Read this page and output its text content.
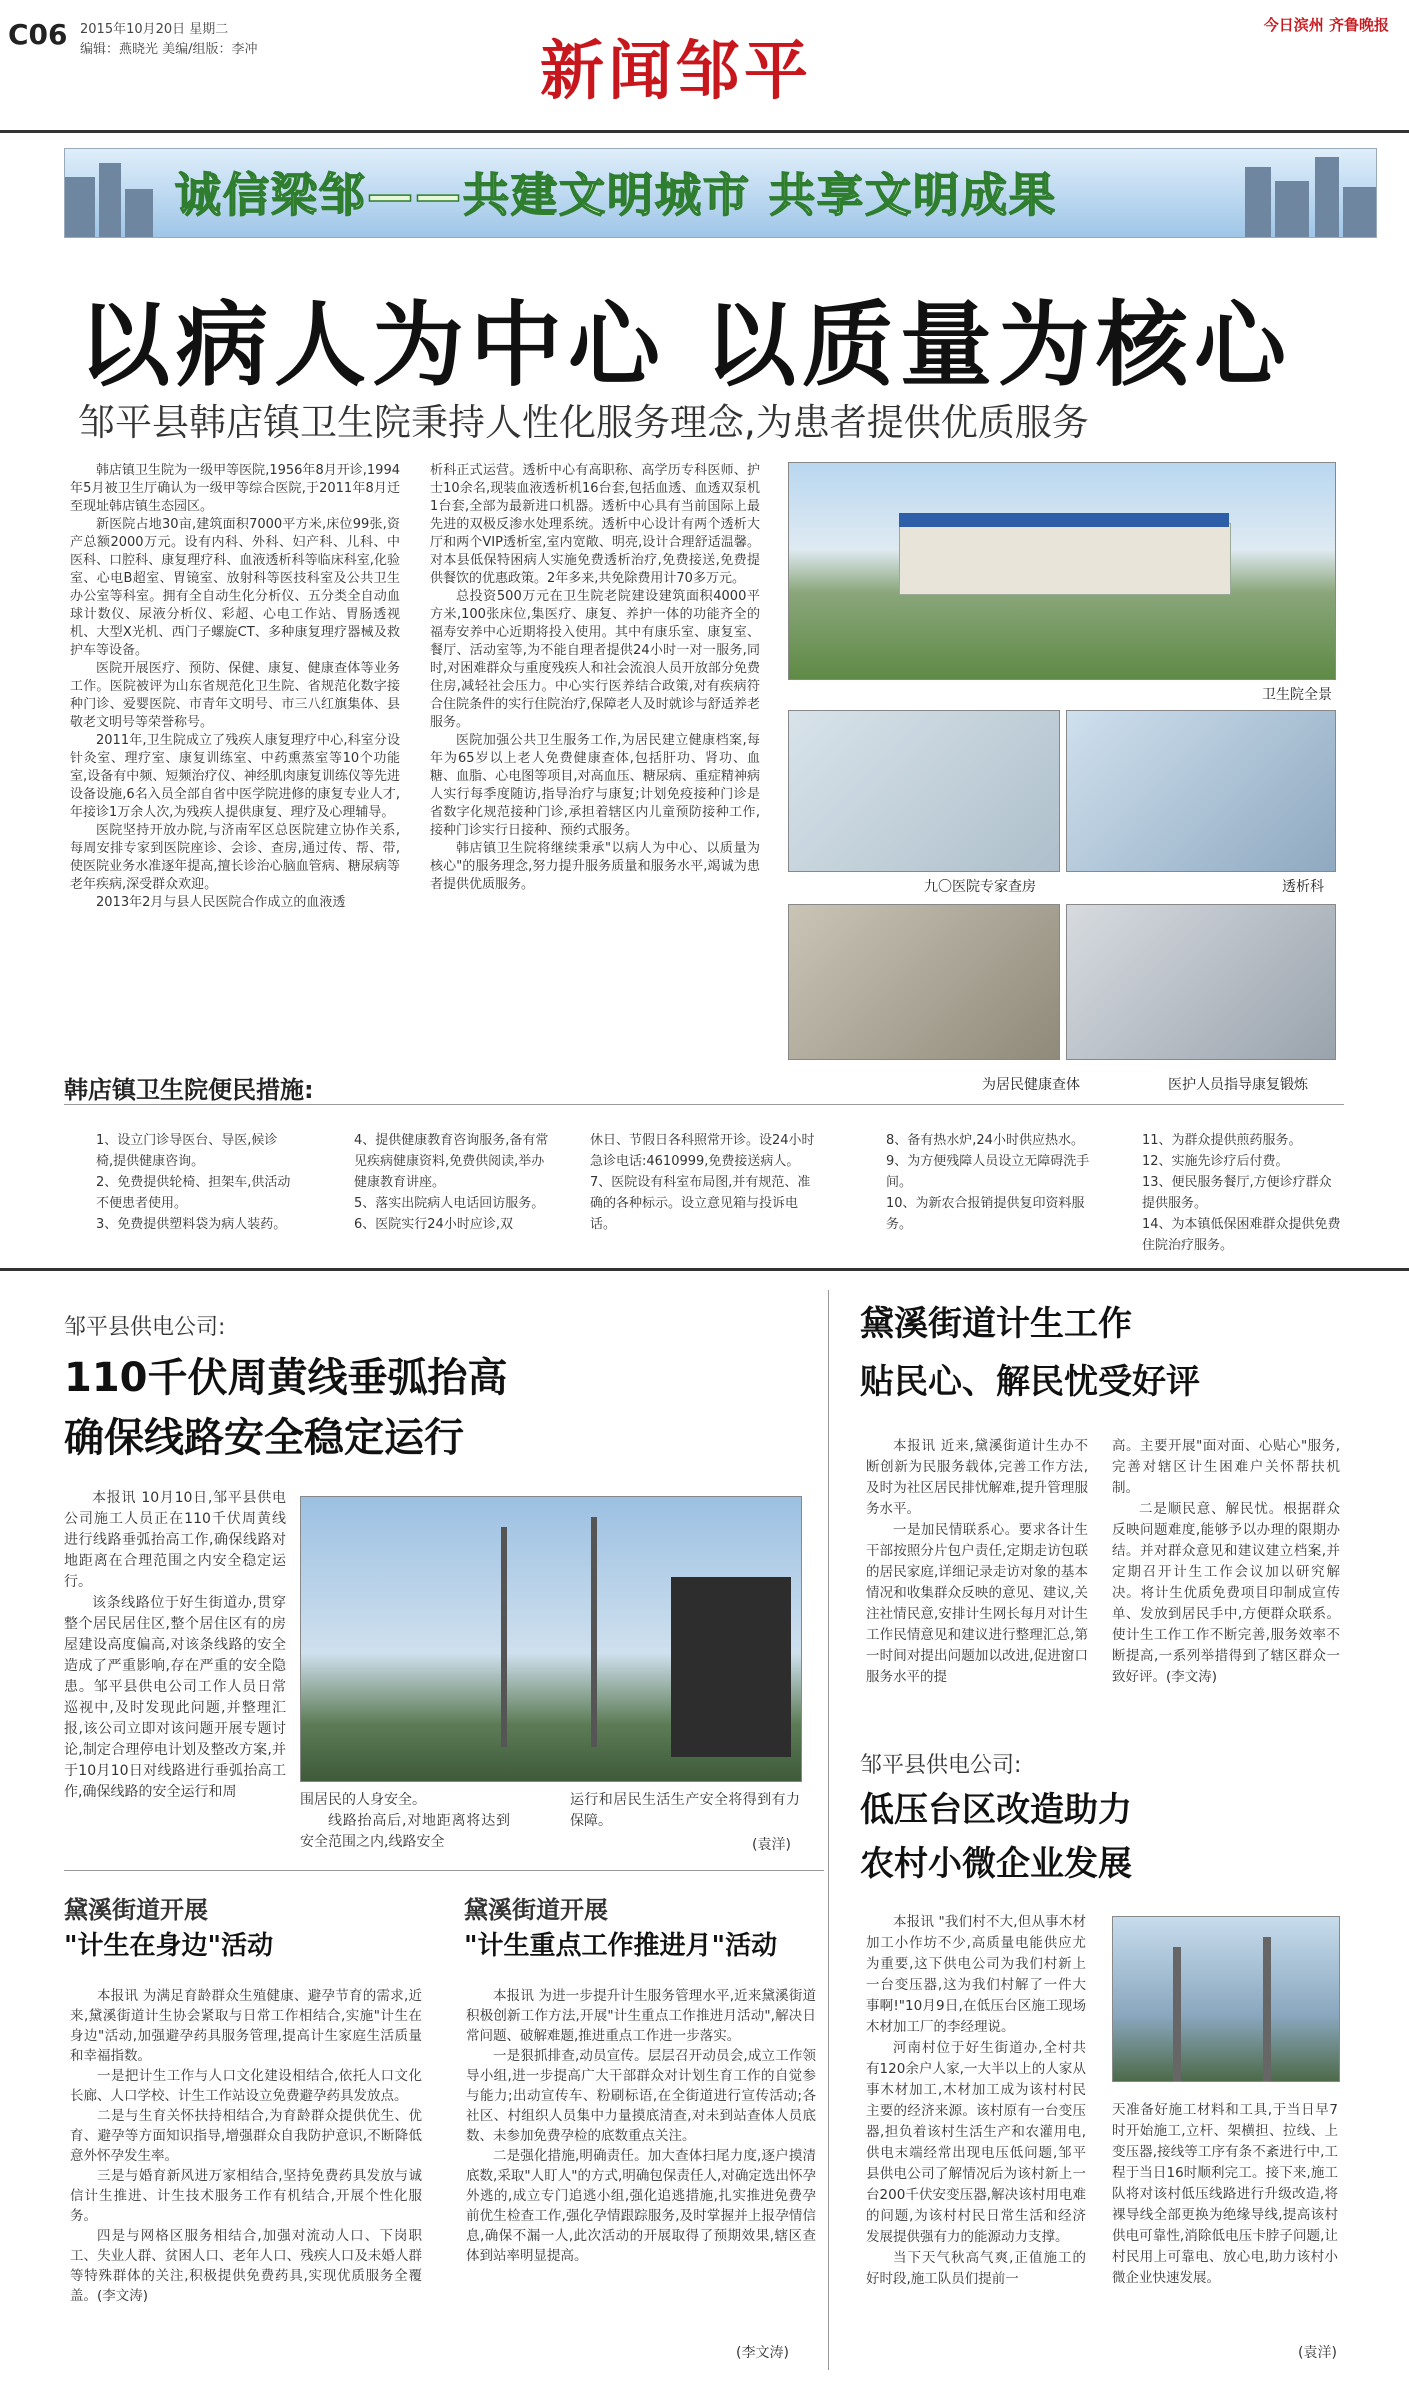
C06 2015年10月20日 星期二
编辑：燕晓光 美编/组版：李冲	新闻邹平
今日滨州 齐鲁晚报
诚信梁邹——共建文明城市 共享文明成果
以病人为中心 以质量为核心
邹平县韩店镇卫生院秉持人性化服务理念,为患者提供优质服务

韩店镇卫生院为一级甲等医院,1956年8月开诊,1994年5月被卫生厅确认为一级甲等综合医院,于2011年8月迁至现址韩店镇生态园区。

新医院占地30亩,建筑面积7000平方米,床位99张,资产总额2000万元。设有内科、外科、妇产科、儿科、中医科、口腔科、康复理疗科、血液透析科等临床科室,化验室、心电B超室、胃镜室、放射科等医技科室及公共卫生办公室等科室。拥有全自动生化分析仪、五分类全自动血球计数仪、尿液分析仪、彩超、心电工作站、胃肠透视机、大型X光机、西门子螺旋CT、多种康复理疗器械及救护车等设备。

医院开展医疗、预防、保健、康复、健康查体等业务工作。医院被评为山东省规范化卫生院、省规范化数字接种门诊、爱婴医院、市青年文明号、市三八红旗集体、县敬老文明号等荣誉称号。

2011年,卫生院成立了残疾人康复理疗中心,科室分设针灸室、理疗室、康复训练室、中药熏蒸室等10个功能室,设备有中频、短频治疗仪、神经肌肉康复训练仪等先进设备设施,6名入员全部自省中医学院进修的康复专业人才,年接诊1万余人次,为残疾人提供康复、理疗及心理辅导。

医院坚持开放办院,与济南军区总医院建立协作关系,每周安排专家到医院座诊、会诊、查房,通过传、帮、带,使医院业务水准逐年提高,擅长诊治心脑血管病、糖尿病等老年疾病,深受群众欢迎。

2013年2月与县人民医院合作成立的血液透

析科正式运营。透析中心有高职称、高学历专科医师、护士10余名,现装血液透析机16台套,包括血透、血透双泵机1台套,全部为最新进口机器。透析中心具有当前国际上最先进的双极反渗水处理系统。透析中心设计有两个透析大厅和两个VIP透析室,室内宽敞、明亮,设计合理舒适温馨。对本县低保特困病人实施免费透析治疗,免费接送,免费提供餐饮的优惠政策。2年多来,共免除费用计70多万元。

总投资500万元在卫生院老院建设建筑面积4000平方米,100张床位,集医疗、康复、养护一体的功能齐全的福寿安养中心近期将投入使用。其中有康乐室、康复室、餐厅、活动室等,为不能自理者提供24小时一对一服务,同时,对困难群众与重度残疾人和社会流浪人员开放部分免费住房,减轻社会压力。中心实行医养结合政策,对有疾病符合住院条件的实行住院治疗,保障老人及时就诊与舒适养老服务。

医院加强公共卫生服务工作,为居民建立健康档案,每年为65岁以上老人免费健康查体,包括肝功、肾功、血糖、血脂、心电图等项目,对高血压、糖尿病、重症精神病人实行每季度随访,指导治疗与康复;计划免疫接种门诊是省数字化规范接种门诊,承担着辖区内儿童预防接种工作,接种门诊实行日接种、预约式服务。

韩店镇卫生院将继续秉承"以病人为中心、以质量为核心"的服务理念,努力提升服务质量和服务水平,竭诚为患者提供优质服务。

卫生院全景
九〇医院专家查房	透析科
为居民健康查体	医护人员指导康复锻炼
韩店镇卫生院便民措施:
1、设立门诊导医台、导医,候诊椅,提供健康咨询。
2、免费提供轮椅、担架车,供活动不便患者使用。
3、免费提供塑料袋为病人装药。
4、提供健康教育咨询服务,备有常见疾病健康资料,免费供阅读,举办健康教育讲座。
5、落实出院病人电话回访服务。
6、医院实行24小时应诊,双
休日、节假日各科照常开诊。设24小时急诊电话:4610999,免费接送病人。
7、医院设有科室布局图,并有规范、准确的各种标示。设立意见箱与投诉电话。
8、备有热水炉,24小时供应热水。
9、为方便残障人员设立无障碍洗手间。
10、为新农合报销提供复印资料服务。
11、为群众提供煎药服务。
12、实施先诊疗后付费。
13、便民服务餐厅,方便诊疗群众提供服务。
14、为本镇低保困难群众提供免费住院治疗服务。
邹平县供电公司:
110千伏周黄线垂弧抬高
确保线路安全稳定运行

本报讯 10月10日,邹平县供电公司施工人员正在110千伏周黄线进行线路垂弧抬高工作,确保线路对地距离在合理范围之内安全稳定运行。

该条线路位于好生街道办,贯穿整个居民居住区,整个居住区有的房屋建设高度偏高,对该条线路的安全造成了严重影响,存在严重的安全隐患。邹平县供电公司工作人员日常巡视中,及时发现此问题,并整理汇报,该公司立即对该问题开展专题讨论,制定合理停电计划及整改方案,并于10月10日对线路进行垂弧抬高工作,确保线路的安全运行和周	围居民的人身安全。

线路抬高后,对地距离将达到安全范围之内,线路安全

运行和居民生活生产安全将得到有力保障。

(袁洋)
黛溪街道计生工作
贴民心、解民忧受好评

本报讯 近来,黛溪街道计生办不断创新为民服务载体,完善工作方法,及时为社区居民排忧解难,提升管理服务水平。

一是加民情联系心。要求各计生干部按照分片包户责任,定期走访包联的居民家庭,详细记录走访对象的基本情况和收集群众反映的意见、建议,关注社情民意,安排计生网长每月对计生工作民情意见和建议进行整理汇总,第一时间对提出问题加以改进,促进窗口服务水平的提

高。主要开展"面对面、心贴心"服务,完善对辖区计生困难户关怀帮扶机制。

二是顺民意、解民忧。根据群众反映问题难度,能够予以办理的限期办结。并对群众意见和建议建立档案,并定期召开计生工作会议加以研究解决。将计生优质免费项目印制成宣传单、发放到居民手中,方便群众联系。使计生工作工作不断完善,服务效率不断提高,一系列举措得到了辖区群众一致好评。(李文涛)

邹平县供电公司:
低压台区改造助力
农村小微企业发展

本报讯 "我们村不大,但从事木材加工小作坊不少,高质量电能供应尤为重要,这下供电公司为我们村新上一台变压器,这为我们村解了一件大事啊!"10月9日,在低压台区施工现场木材加工厂的李经理说。

河南村位于好生街道办,全村共有120余户人家,一大半以上的人家从事木材加工,木材加工成为该村村民主要的经济来源。该村原有一台变压器,担负着该村生活生产和农灌用电,供电末端经常出现电压低问题,邹平县供电公司了解情况后为该村新上一台200千伏安变压器,解决该村用电难的问题,为该村村民日常生活和经济发展提供强有力的能源动力支撑。

当下天气秋高气爽,正值施工的好时段,施工队员们提前一

天准备好施工材料和工具,于当日早7时开始施工,立杆、架横担、拉线、上变压器,接线等工序有条不紊进行中,工程于当日16时顺利完工。接下来,施工队将对该村低压线路进行升级改造,将裸导线全部更换为绝缘导线,提高该村供电可靠性,消除低电压卡脖子问题,让村民用上可靠电、放心电,助力该村小微企业快速发展。

(袁洋)
黛溪街道开展
"计生在身边"活动

本报讯 为满足育龄群众生殖健康、避孕节育的需求,近来,黛溪街道计生协会紧取与日常工作相结合,实施"计生在身边"活动,加强避孕药具服务管理,提高计生家庭生活质量和幸福指数。

一是把计生工作与人口文化建设相结合,依托人口文化长廊、人口学校、计生工作站设立免费避孕药具发放点。

二是与生育关怀扶持相结合,为育龄群众提供优生、优育、避孕等方面知识指导,增强群众自我防护意识,不断降低意外怀孕发生率。

三是与婚育新风进万家相结合,坚持免费药具发放与诚信计生推进、计生技术服务工作有机结合,开展个性化服务。

四是与网格区服务相结合,加强对流动人口、下岗职工、失业人群、贫困人口、老年人口、残疾人口及未婚人群等特殊群体的关注,积极提供免费药具,实现优质服务全覆盖。(李文涛)

黛溪街道开展
"计生重点工作推进月"活动

本报讯 为进一步提升计生服务管理水平,近来黛溪街道积极创新工作方法,开展"计生重点工作推进月活动",解决日常问题、破解难题,推进重点工作进一步落实。

一是狠抓排查,动员宣传。层层召开动员会,成立工作领导小组,进一步提高广大干部群众对计划生育工作的自觉参与能力;出动宣传车、粉刷标语,在全街道进行宣传活动;各社区、村组织人员集中力量摸底清查,对未到站查体人员底数、未参加免费孕检的底数重点关注。

二是强化措施,明确责任。加大查体扫尾力度,逐户摸清底数,采取"人盯人"的方式,明确包保责任人,对确定选出怀孕外逃的,成立专门追逃小组,强化追逃措施,扎实推进免费孕前优生检查工作,强化孕情跟踪服务,及时掌握并上报孕情信息,确保不漏一人,此次活动的开展取得了预期效果,辖区查体到站率明显提高。

(李文涛)
